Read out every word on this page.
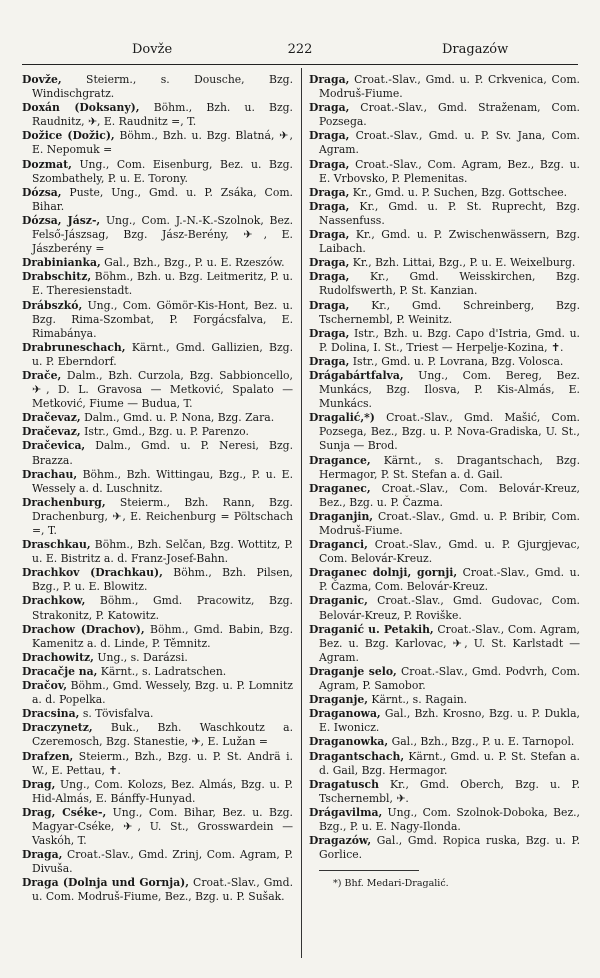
Dovže	222	Dragazów

Dovže, Steierm., s. Dousche, Bzg. Windischgratz.

Doxán (Doksany), Böhm., Bzh. u. Bzg. Raudnitz, ✈, E. Raudnitz =, T.

Dožice (Dožic), Böhm., Bzh. u. Bzg. Blatná, ✈, E. Nepomuk =

Dozmat, Ung., Com. Eisenburg, Bez. u. Bzg. Szombathely, P. u. E. Torony.

Dózsa, Puste, Ung., Gmd. u. P. Zsáka, Com. Bihar.

Dózsa, Jász-, Ung., Com. J.-N.-K.-Szolnok, Bez. Felső-Jászsag, Bzg. Jász-Berény, ✈, E. Jászberény =

Drabinianka, Gal., Bzh., Bzg., P. u. E. Rzeszów.

Drabschitz, Böhm., Bzh. u. Bzg. Leitmeritz, P. u. E. Theresienstadt.

Drábszkó, Ung., Com. Gömör-Kis-Hont, Bez. u. Bzg. Rima-Szombat, P. Forgácsfalva, E. Rimabánya.

Drabruneschach, Kärnt., Gmd. Gallizien, Bzg. u. P. Eberndorf.

Drače, Dalm., Bzh. Curzola, Bzg. Sabbioncello, ✈, D. L. Gravosa — Metković, Spalato — Metković, Fiume — Budua, T.

Dračevaz, Dalm., Gmd. u. P. Nona, Bzg. Zara.

Dračevaz, Istr., Gmd., Bzg. u. P. Parenzo.

Dračevica, Dalm., Gmd. u. P. Neresi, Bzg. Brazza.

Drachau, Böhm., Bzh. Wittingau, Bzg., P. u. E. Wessely a. d. Luschnitz.

Drachenburg, Steierm., Bzh. Rann, Bzg. Drachenburg, ✈, E. Reichenburg = Pöltschach =, T.

Draschkau, Böhm., Bzh. Selčan, Bzg. Wottitz, P. u. E. Bistritz a. d. Franz-Josef-Bahn.

Drachkov (Drachkau), Böhm., Bzh. Pilsen, Bzg., P. u. E. Blowitz.

Drachkow, Böhm., Gmd. Pracowitz, Bzg. Strakonitz, P. Katowitz.

Drachow (Drachov), Böhm., Gmd. Babin, Bzg. Kamenitz a. d. Linde, P. Těmnitz.

Drachowitz, Ung., s. Darázsi.

Dracačje na, Kärnt., s. Ladratschen.

Dračov, Böhm., Gmd. Wessely, Bzg. u. P. Lomnitz a. d. Popelka.

Dracsina, s. Tövisfalva.

Draczynetz, Buk., Bzh. Waschkoutz a. Czeremosch, Bzg. Stanestie, ✈, E. Lužan =

Drafzen, Steierm., Bzh., Bzg. u. P. St. Andrä i. W., E. Pettau, ✝.

Drag, Ung., Com. Kolozs, Bez. Almás, Bzg. u. P. Hid-Almás, E. Bánffy-Hunyad.

Drag, Cséke-, Ung., Com. Bihar, Bez. u. Bzg. Magyar-Cséke, ✈, U. St., Grosswardein — Vaskóh, T.

Draga, Croat.-Slav., Gmd. Zrinj, Com. Agram, P. Divuša.

Draga (Dolnja und Gornja), Croat.-Slav., Gmd. u. Com. Modruš-Fiume, Bez., Bzg. u. P. Sušak.

Draga, Croat.-Slav., Gmd. u. P. Crkvenica, Com. Modruš-Fiume.

Draga, Croat.-Slav., Gmd. Straženam, Com. Pozsega.

Draga, Croat.-Slav., Gmd. u. P. Sv. Jana, Com. Agram.

Draga, Croat.-Slav., Com. Agram, Bez., Bzg. u. E. Vrbovsko, P. Plemenitas.

Draga, Kr., Gmd. u. P. Suchen, Bzg. Gottschee.

Draga, Kr., Gmd. u. P. St. Ruprecht, Bzg. Nassenfuss.

Draga, Kr., Gmd. u. P. Zwischenwässern, Bzg. Laibach.

Draga, Kr., Bzh. Littai, Bzg., P. u. E. Weixelburg.

Draga, Kr., Gmd. Weisskirchen, Bzg. Rudolfswerth, P. St. Kanzian.

Draga, Kr., Gmd. Schreinberg, Bzg. Tschernembl, P. Weinitz.

Draga, Istr., Bzh. u. Bzg. Capo d'Istria, Gmd. u. P. Dolina, I. St., Triest — Herpelje-Kozina, ✝.

Draga, Istr., Gmd. u. P. Lovrana, Bzg. Volosca.

Drágabártfalva, Ung., Com. Bereg, Bez. Munkács, Bzg. Ilosva, P. Kis-Almás, E. Munkács.

Dragalić,*) Croat.-Slav., Gmd. Mašić, Com. Pozsega, Bez., Bzg. u. P. Nova-Gradiska, U. St., Sunja — Brod.

Dragance, Kärnt., s. Dragantschach, Bzg. Hermagor, P. St. Stefan a. d. Gail.

Draganec, Croat.-Slav., Com. Belovár-Kreuz, Bez., Bzg. u. P. Čazma.

Draganjin, Croat.-Slav., Gmd. u. P. Bribir, Com. Modruš-Fiume.

Draganci, Croat.-Slav., Gmd. u. P. Gjurgjevac, Com. Belovár-Kreuz.

Draganec dolnji, gornji, Croat.-Slav., Gmd. u. P. Čazma, Com. Belovár-Kreuz.

Draganic, Croat.-Slav., Gmd. Gudovac, Com. Belovár-Kreuz, P. Roviške.

Draganić u. Petakih, Croat.-Slav., Com. Agram, Bez. u. Bzg. Karlovac, ✈, U. St. Karlstadt — Agram.

Draganje selo, Croat.-Slav., Gmd. Podvrh, Com. Agram, P. Samobor.

Draganje, Kärnt., s. Ragain.

Draganowa, Gal., Bzh. Krosno, Bzg. u. P. Dukla, E. Iwonicz.

Draganowka, Gal., Bzh., Bzg., P. u. E. Tarnopol.

Dragantschach, Kärnt., Gmd. u. P. St. Stefan a. d. Gail, Bzg. Hermagor.

Dragatusch Kr., Gmd. Oberch, Bzg. u. P. Tschernembl, ✈.

Drágavilma, Ung., Com. Szolnok-Doboka, Bez., Bzg., P. u. E. Nagy-Ilonda.

Dragazów, Gal., Gmd. Ropica ruska, Bzg. u. P. Gorlice.

*) Bhf. Medari-Dragalić.
